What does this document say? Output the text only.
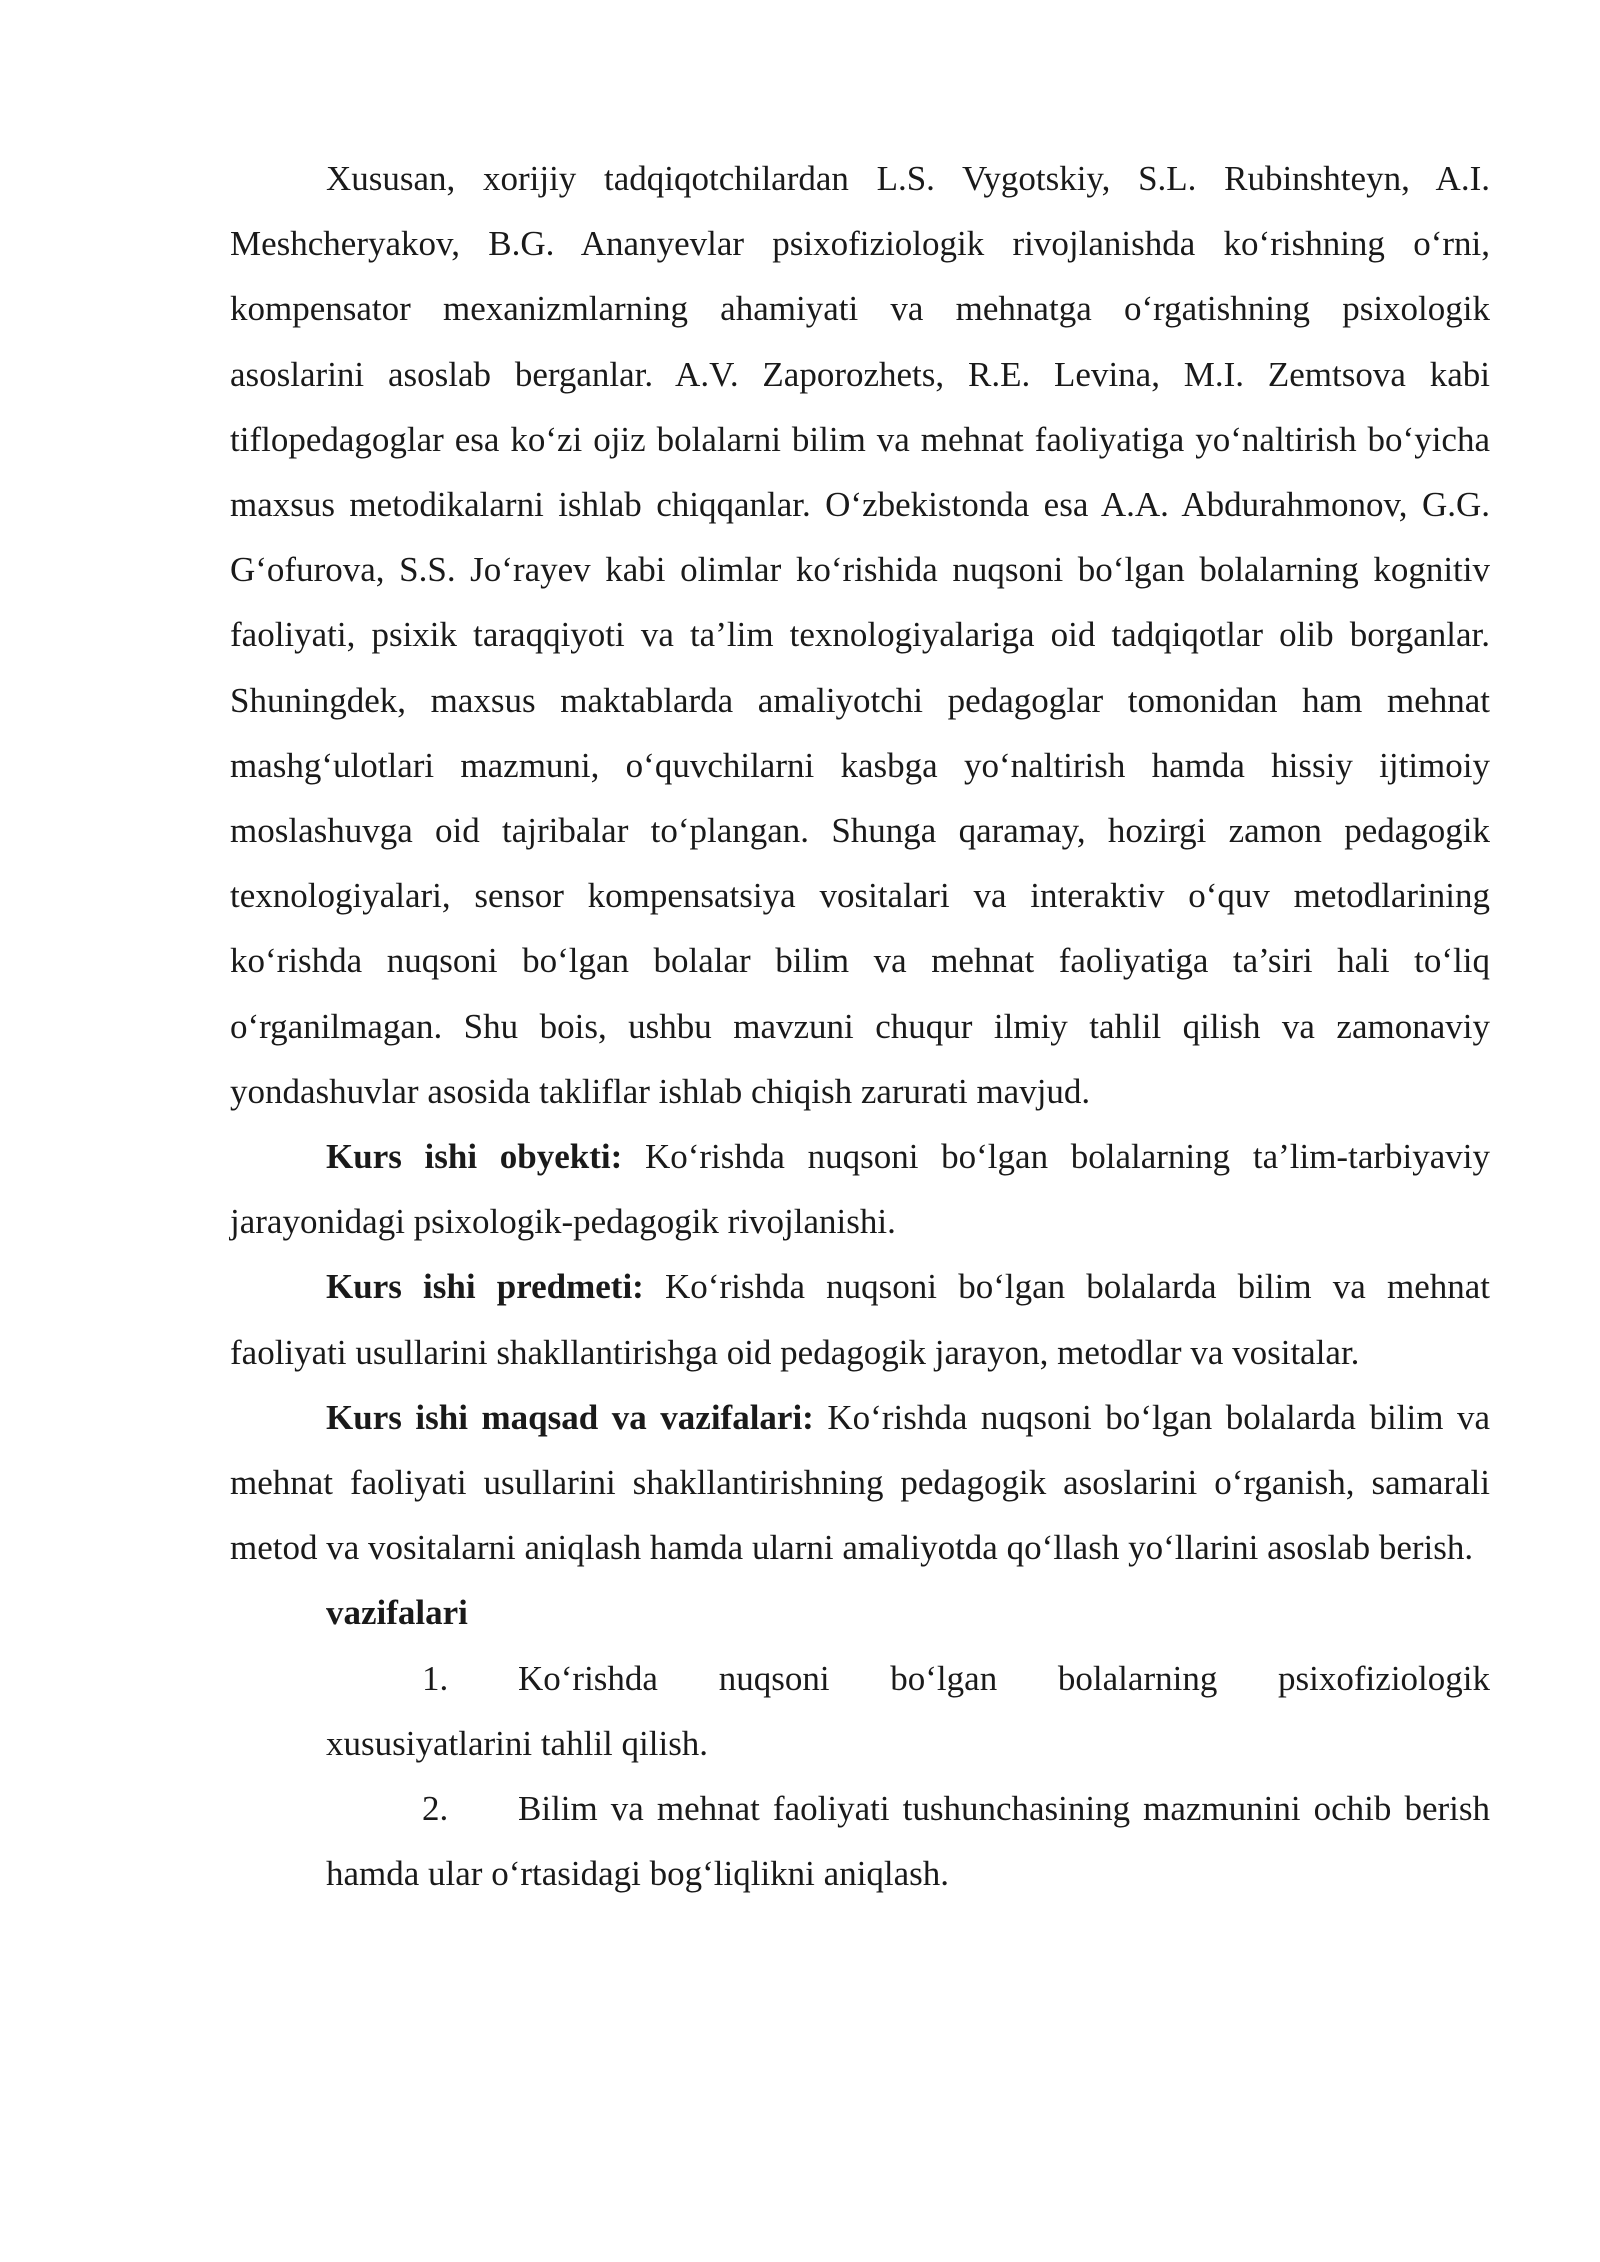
Xususan, xorijiy tadqiqotchilardan L.S. Vygotskiy, S.L. Rubinshteyn, A.I. Meshcheryakov, B.G. Ananyevlar psixofiziologik rivojlanishda ko‘rishning o‘rni, kompensator mexanizmlarning ahamiyati va mehnatga o‘rgatishning psixologik asoslarini asoslab berganlar. A.V. Zaporozhets, R.E. Levina, M.I. Zemtsova kabi tiflopedagoglar esa ko‘zi ojiz bolalarni bilim va mehnat faoliyatiga yo‘naltirish bo‘yicha maxsus metodikalarni ishlab chiqqanlar. O‘zbekistonda esa A.A. Abdurahmonov, G.G. G‘ofurova, S.S. Jo‘rayev kabi olimlar ko‘rishida nuqsoni bo‘lgan bolalarning kognitiv faoliyati, psixik taraqqiyoti va ta’lim texnologiyalariga oid tadqiqotlar olib borganlar. Shuningdek, maxsus maktablarda amaliyotchi pedagoglar tomonidan ham mehnat mashg‘ulotlari mazmuni, o‘quvchilarni kasbga yo‘naltirish hamda hissiy ijtimoiy moslashuvga oid tajribalar to‘plangan. Shunga qaramay, hozirgi zamon pedagogik texnologiyalari, sensor kompensatsiya vositalari va interaktiv o‘quv metodlarining ko‘rishda nuqsoni bo‘lgan bolalar bilim va mehnat faoliyatiga ta’siri hali to‘liq o‘rganilmagan. Shu bois, ushbu mavzuni chuqur ilmiy tahlil qilish va zamonaviy yondashuvlar asosida takliflar ishlab chiqish zarurati mavjud.

Kurs ishi obyekti: Ko‘rishda nuqsoni bo‘lgan bolalarning ta’lim-tarbiyaviy jarayonidagi psixologik-pedagogik rivojlanishi.

Kurs ishi predmeti: Ko‘rishda nuqsoni bo‘lgan bolalarda bilim va mehnat faoliyati usullarini shakllantirishga oid pedagogik jarayon, metodlar va vositalar.

Kurs ishi maqsad va vazifalari: Ko‘rishda nuqsoni bo‘lgan bolalarda bilim va mehnat faoliyati usullarini shakllantirishning pedagogik asoslarini o‘rganish, samarali metod va vositalarni aniqlash hamda ularni amaliyotda qo‘llash yo‘llarini asoslab berish.

vazifalari

1. Ko‘rishda nuqsoni bo‘lgan bolalarning psixofiziologik xususiyatlarini tahlil qilish.

2. Bilim va mehnat faoliyati tushunchasining mazmunini ochib berish hamda ular o‘rtasidagi bog‘liqlikni aniqlash.
